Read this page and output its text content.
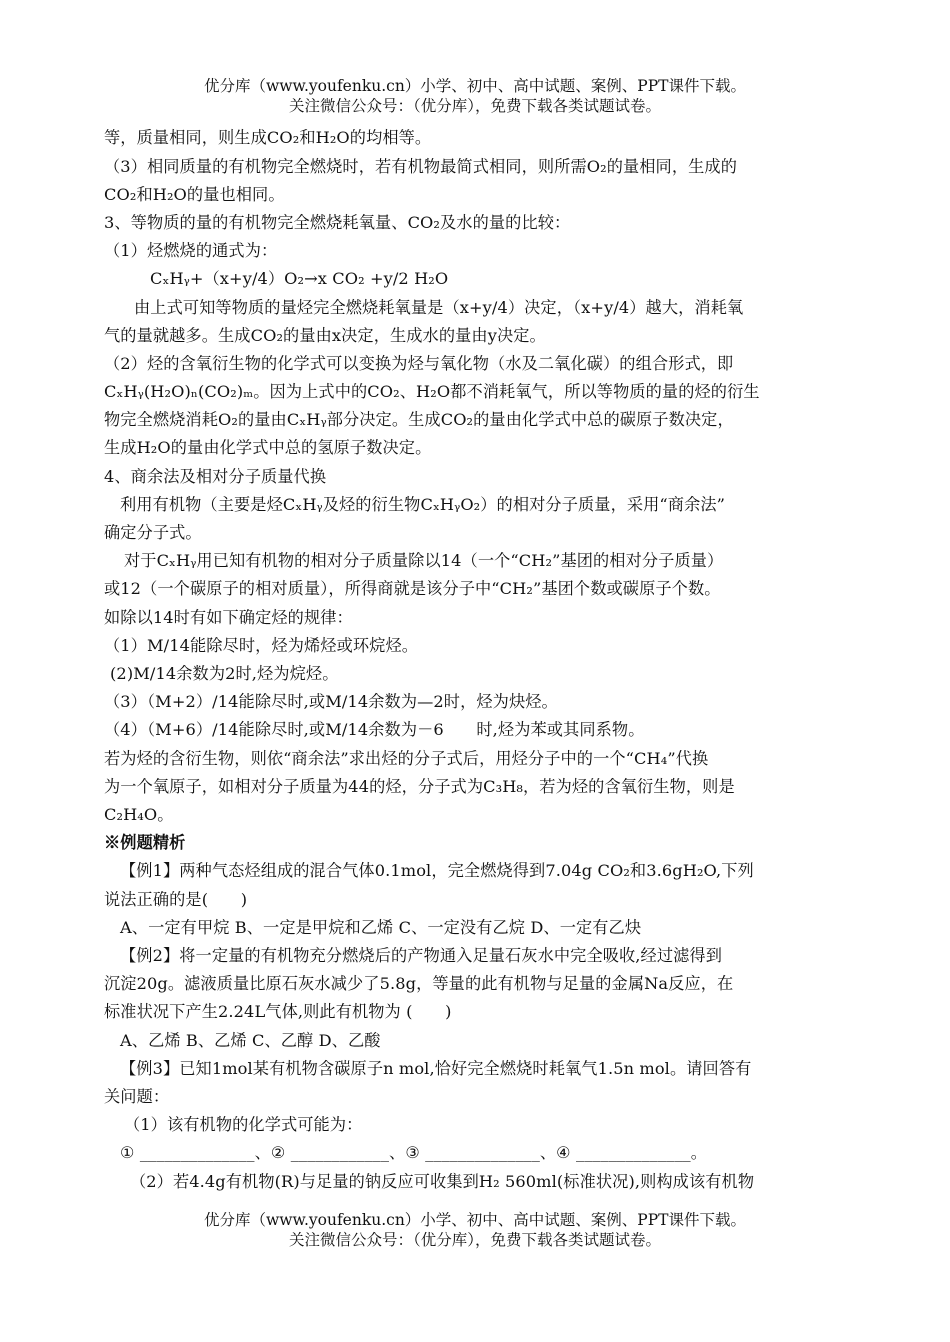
优分库（www.youfenku.cn）小学、初中、高中试题、案例、PPT课件下载。
关注微信公众号：（优分库），免费下载各类试题试卷。
等，质量相同，则生成CO₂和H₂O的均相等。
（3）相同质量的有机物完全燃烧时，若有机物最简式相同，则所需O₂的量相同，生成的
CO₂和H₂O的量也相同。
3、等物质的量的有机物完全燃烧耗氧量、CO₂及水的量的比较：
（1）烃燃烧的通式为：
CₓHᵧ+（x+y/4）O₂→x CO₂ +y/2 H₂O
由上式可知等物质的量烃完全燃烧耗氧量是（x+y/4）决定，（x+y/4）越大，消耗氧
气的量就越多。生成CO₂的量由x决定，生成水的量由y决定。
（2）烃的含氧衍生物的化学式可以变换为烃与氧化物（水及二氧化碳）的组合形式，即
CₓHᵧ(H₂O)ₙ(CO₂)ₘ。因为上式中的CO₂、H₂O都不消耗氧气，所以等物质的量的烃的衍生
物完全燃烧消耗O₂的量由CₓHᵧ部分决定。生成CO₂的量由化学式中总的碳原子数决定，
生成H₂O的量由化学式中总的氢原子数决定。
4、商余法及相对分子质量代换
利用有机物（主要是烃CₓHᵧ及烃的衍生物CₓHᵧO₂）的相对分子质量，采用“商余法”
确定分子式。
对于CₓHᵧ用已知有机物的相对分子质量除以14（一个“CH₂”基团的相对分子质量）
或12（一个碳原子的相对质量），所得商就是该分子中“CH₂”基团个数或碳原子个数。
如除以14时有如下确定烃的规律：
（1）M/14能除尽时，烃为烯烃或环烷烃。
(2)M/14余数为2时,烃为烷烃。
（3）（M+2）/14能除尽时,或M/14余数为—2时，烃为炔烃。
（4）（M+6）/14能除尽时,或M/14余数为－6　　时,烃为苯或其同系物。
若为烃的含衍生物，则依“商余法”求出烃的分子式后，用烃分子中的一个“CH₄”代换
为一个氧原子，如相对分子质量为44的烃，分子式为C₃H₈，若为烃的含氧衍生物，则是
C₂H₄O。
※例题精析
【例1】两种气态烃组成的混合气体0.1mol，完全燃烧得到7.04g CO₂和3.6gH₂O,下列
说法正确的是(　　)
A、一定有甲烷 B、一定是甲烷和乙烯 C、一定没有乙烷 D、一定有乙炔
【例2】将一定量的有机物充分燃烧后的产物通入足量石灰水中完全吸收,经过滤得到
沉淀20g。滤液质量比原石灰水减少了5.8g，等量的此有机物与足量的金属Na反应，在
标准状况下产生2.24L气体,则此有机物为 (　　)
A、乙烯 B、乙烯 C、乙醇 D、乙酸
【例3】已知1mol某有机物含碳原子n mol,恰好完全燃烧时耗氧气1.5n mol。请回答有
关问题：
（1）该有机物的化学式可能为：
① ______________、② ____________、③ ______________、④ ______________。
（2）若4.4g有机物(R)与足量的钠反应可收集到H₂ 560ml(标准状况),则构成该有机物
优分库（www.youfenku.cn）小学、初中、高中试题、案例、PPT课件下载。
关注微信公众号：（优分库），免费下载各类试题试卷。
